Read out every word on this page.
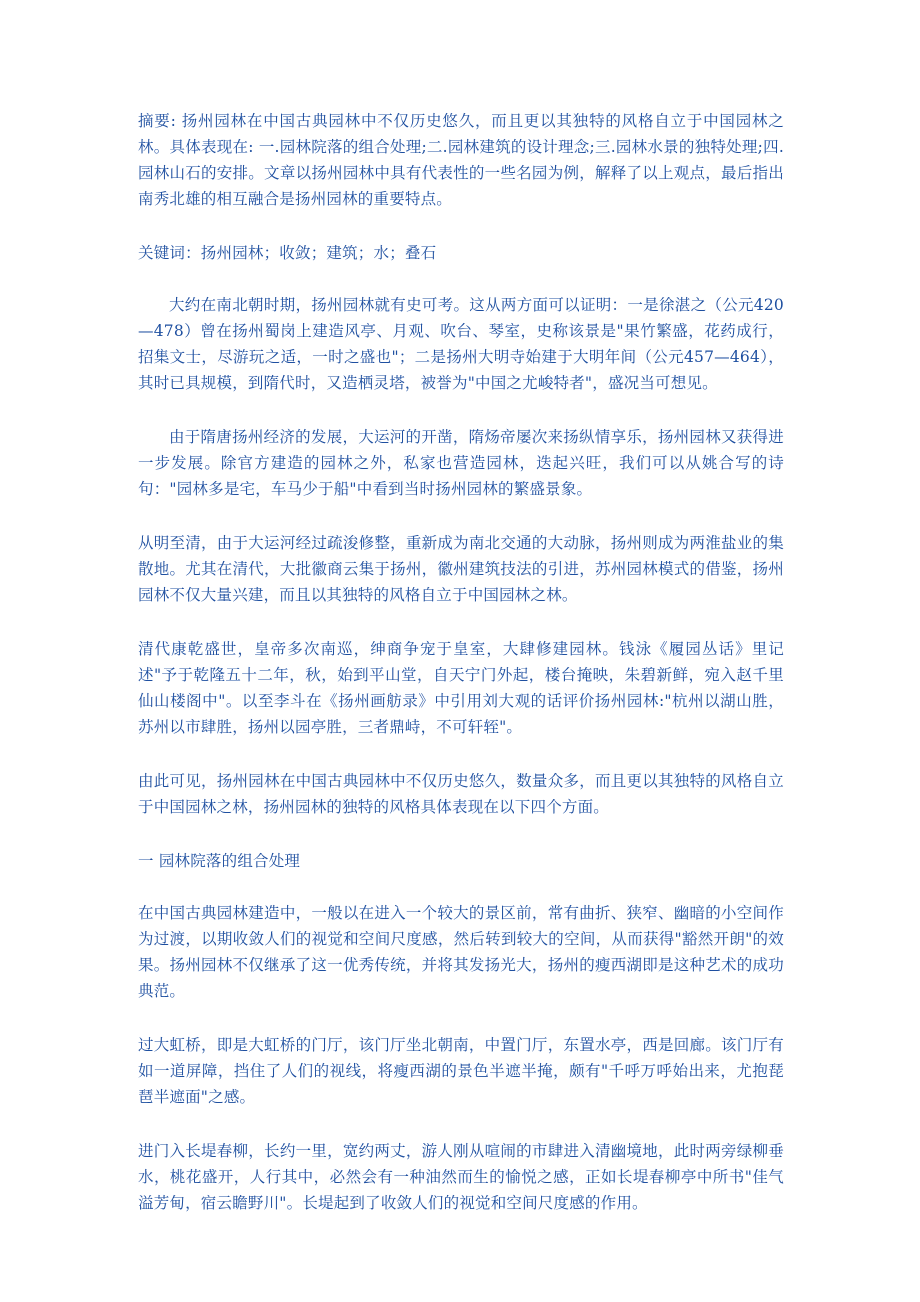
摘要: 扬州园林在中国古典园林中不仅历史悠久，而且更以其独特的风格自立于中国园林之林。具体表现在: 一.园林院落的组合处理;二.园林建筑的设计理念;三.园林水景的独特处理;四.园林山石的安排。文章以扬州园林中具有代表性的一些名园为例，解释了以上观点，最后指出南秀北雄的相互融合是扬州园林的重要特点。

关键词：扬州园林；收敛；建筑；水；叠石

大约在南北朝时期，扬州园林就有史可考。这从两方面可以证明：一是徐湛之（公元420—478）曾在扬州蜀岗上建造风亭、月观、吹台、琴室，史称该景是"果竹繁盛，花药成行，招集文士，尽游玩之适，一时之盛也"；二是扬州大明寺始建于大明年间（公元457—464），其时已具规模，到隋代时，又造栖灵塔，被誉为"中国之尤峻特者"，盛况当可想见。

由于隋唐扬州经济的发展，大运河的开凿，隋炀帝屡次来扬纵情享乐，扬州园林又获得进一步发展。除官方建造的园林之外，私家也营造园林，迭起兴旺，我们可以从姚合写的诗句："园林多是宅，车马少于船"中看到当时扬州园林的繁盛景象。

从明至清，由于大运河经过疏浚修整，重新成为南北交通的大动脉，扬州则成为两淮盐业的集散地。尤其在清代，大批徽商云集于扬州，徽州建筑技法的引进，苏州园林模式的借鉴，扬州园林不仅大量兴建，而且以其独特的风格自立于中国园林之林。

清代康乾盛世，皇帝多次南巡，绅商争宠于皇室，大肆修建园林。钱泳《履园丛话》里记述"予于乾隆五十二年，秋，始到平山堂，自天宁门外起，楼台掩映，朱碧新鲜，宛入赵千里仙山楼阁中"。以至李斗在《扬州画舫录》中引用刘大观的话评价扬州园林:"杭州以湖山胜，苏州以市肆胜，扬州以园亭胜，三者鼎峙，不可轩轾"。

由此可见，扬州园林在中国古典园林中不仅历史悠久，数量众多，而且更以其独特的风格自立于中国园林之林，扬州园林的独特的风格具体表现在以下四个方面。

一 园林院落的组合处理

在中国古典园林建造中，一般以在进入一个较大的景区前，常有曲折、狭窄、幽暗的小空间作为过渡，以期收敛人们的视觉和空间尺度感，然后转到较大的空间，从而获得"豁然开朗"的效果。扬州园林不仅继承了这一优秀传统，并将其发扬光大，扬州的瘦西湖即是这种艺术的成功典范。

过大虹桥，即是大虹桥的门厅，该门厅坐北朝南，中置门厅，东置水亭，西是回廊。该门厅有如一道屏障，挡住了人们的视线，将瘦西湖的景色半遮半掩，颇有"千呼万呼始出来，尤抱琵琶半遮面"之感。

进门入长堤春柳，长约一里，宽约两丈，游人刚从喧闹的市肆进入清幽境地，此时两旁绿柳垂水，桃花盛开，人行其中，必然会有一种油然而生的愉悦之感，正如长堤春柳亭中所书"佳气溢芳甸，宿云瞻野川"。长堤起到了收敛人们的视觉和空间尺度感的作用。
